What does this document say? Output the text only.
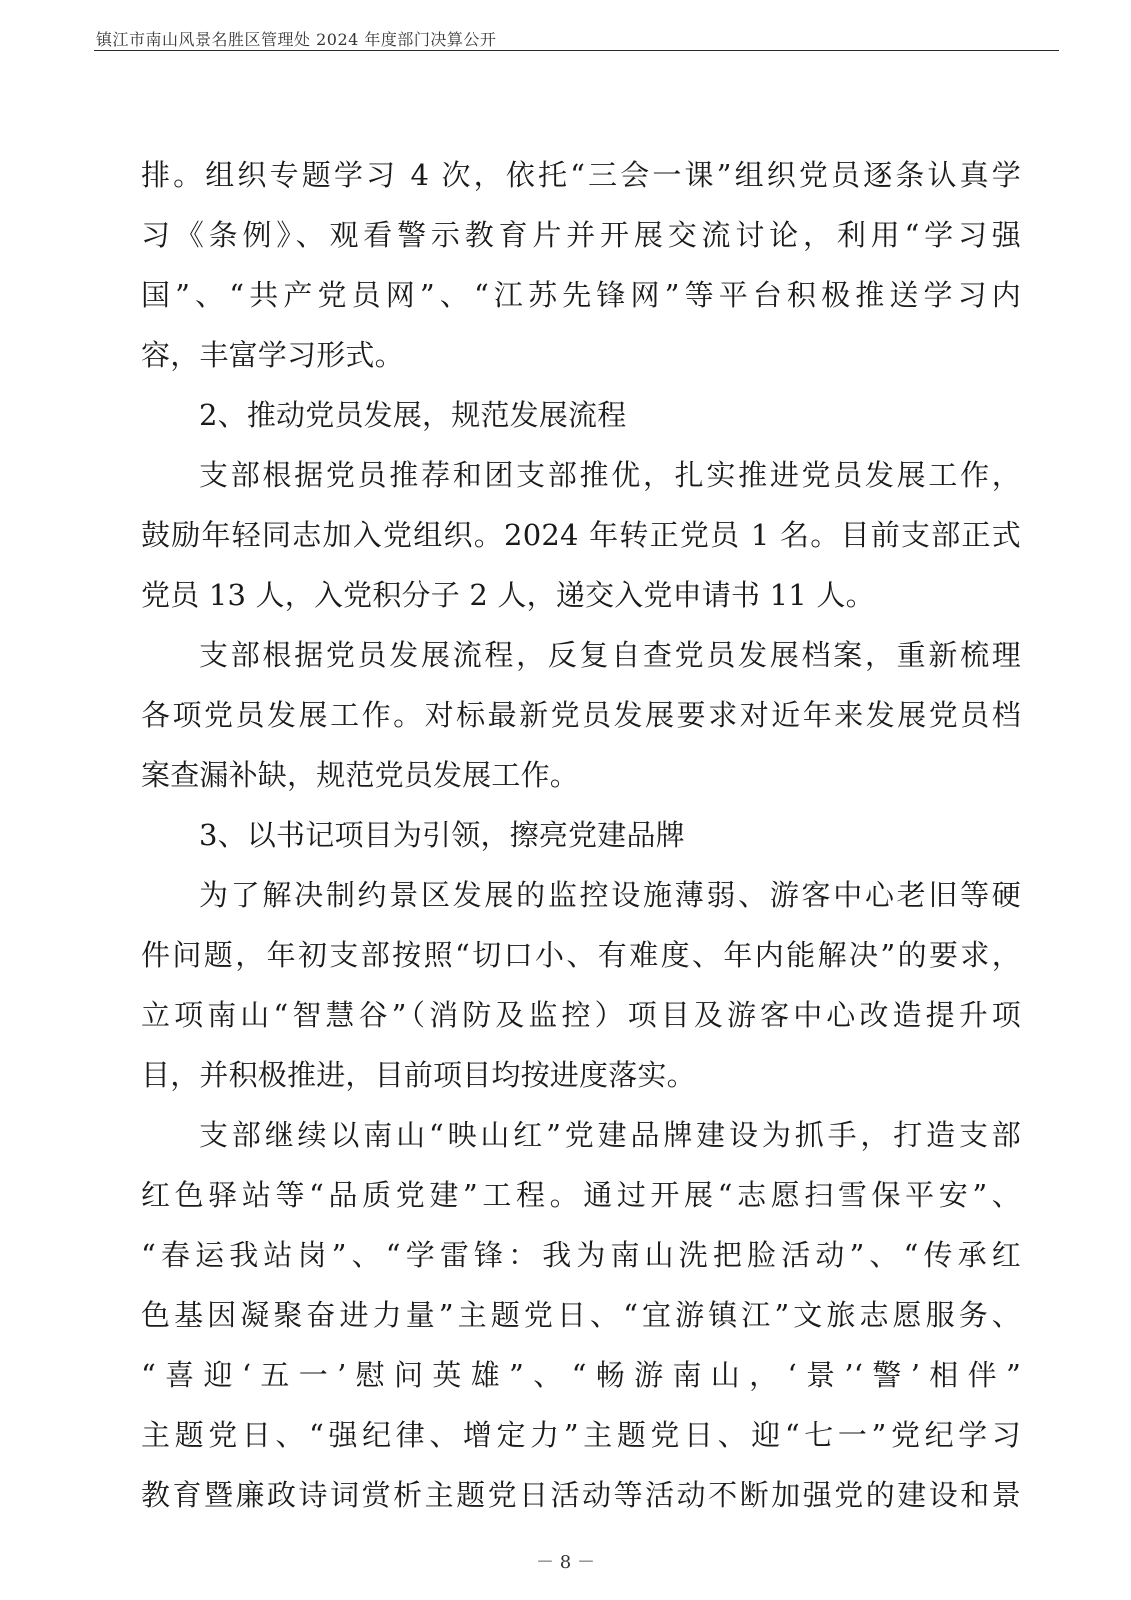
镇江市南山风景名胜区管理处 2024 年度部门决算公开
排。组织专题学习 4 次，依托“三会一课”组织党员逐条认真学
习《条例》、观看警示教育片并开展交流讨论，利用“学习强
国”、“共产党员网”、“江苏先锋网”等平台积极推送学习内
容，丰富学习形式。
2、推动党员发展，规范发展流程
支部根据党员推荐和团支部推优，扎实推进党员发展工作，
鼓励年轻同志加入党组织。2024 年转正党员 1 名。目前支部正式
党员 13 人，入党积分子 2 人，递交入党申请书 11 人。
支部根据党员发展流程，反复自查党员发展档案，重新梳理
各项党员发展工作。对标最新党员发展要求对近年来发展党员档
案查漏补缺，规范党员发展工作。
3、以书记项目为引领，擦亮党建品牌
为了解决制约景区发展的监控设施薄弱、游客中心老旧等硬
件问题，年初支部按照“切口小、有难度、年内能解决”的要求，
立项南山“智慧谷”（消防及监控）项目及游客中心改造提升项
目，并积极推进，目前项目均按进度落实。
支部继续以南山“映山红”党建品牌建设为抓手，打造支部
红色驿站等“品质党建”工程。通过开展“志愿扫雪保平安”、
“春运我站岗”、“学雷锋：我为南山洗把脸活动”、“传承红
色基因凝聚奋进力量”主题党日、“宜游镇江”文旅志愿服务、
“喜迎‘五一’慰问英雄”、“畅游南山，‘景’‘警’相伴”
主题党日、“强纪律、增定力”主题党日、迎“七一”党纪学习
教育暨廉政诗词赏析主题党日活动等活动不断加强党的建设和景
－ 8 －
